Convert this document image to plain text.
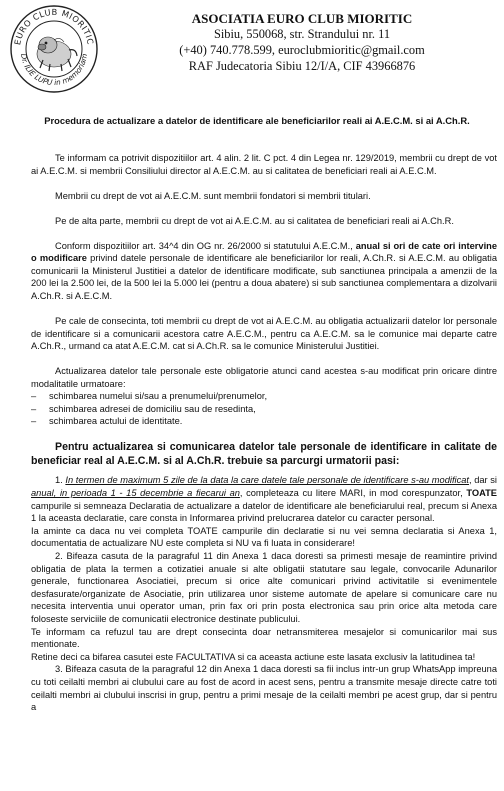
EURO CLUB MIORITIC
Dr. ILIE LUPU in memoriam
ASOCIATIA EURO CLUB MIORITIC
Sibiu, 550068, str. Strandului nr. 11
(+40) 740.778.599, euroclubmioritic@gmail.com
RAF Judecatoria Sibiu 12/I/A, CIF 43966876
Procedura de actualizare a datelor de identificare ale beneficiarilor reali ai A.E.C.M. si ai A.Ch.R.

Te informam ca potrivit dispozitiilor art. 4 alin. 2 lit. C pct. 4 din Legea nr. 129/2019, membrii cu drept de vot ai A.E.C.M. si membrii Consiliului director al A.E.C.M. au si calitatea de beneficiari reali ai A.E.C.M.

Membrii cu drept de vot ai A.E.C.M. sunt membrii fondatori si membrii titulari.

Pe de alta parte, membrii cu drept de vot ai A.E.C.M. au si calitatea de beneficiari reali ai A.Ch.R.

Conform dispozitiilor art. 34^4 din OG nr. 26/2000 si statutului A.E.C.M., anual si ori de cate ori intervine o modificare privind datele personale de identificare ale beneficiarilor lor reali, A.Ch.R. si A.E.C.M. au obligatia comunicarii la Ministerul Justitiei a datelor de identificare modificate, sub sanctiunea principala a amenzii de la 200 lei la 2.500 lei, de la 500 lei la 5.000 lei (pentru a doua abatere) si sub sanctiunea complementara a dizolvarii A.Ch.R. si A.E.C.M.

Pe cale de consecinta, toti membrii cu drept de vot ai A.E.C.M. au obligatia actualizarii datelor lor personale de identificare si a comunicarii acestora catre A.E.C.M., pentru ca A.E.C.M. sa le comunice mai departe catre A.Ch.R., urmand ca atat A.E.C.M. cat si A.Ch.R. sa le comunice Ministerului Justitiei.

Actualizarea datelor tale personale este obligatorie atunci cand acestea s-au modificat prin oricare dintre modalitatile urmatoare:

– schimbarea numelui si/sau a prenumelui/prenumelor,
– schimbarea adresei de domiciliu sau de resedinta,
– schimbarea actului de identitate.

Pentru actualizarea si comunicarea datelor tale personale de identificare in calitate de beneficiar real al A.E.C.M. si al A.Ch.R. trebuie sa parcurgi urmatorii pasi:

1. In termen de maximum 5 zile de la data la care datele tale personale de identificare s-au modificat, dar si anual, in perioada 1 - 15 decembrie a fiecarui an, completeaza cu litere MARI, in mod corespunzator, TOATE campurile si semneaza Declaratia de actualizare a datelor de identificare ale beneficiarului real, precum si Anexa 1 la aceasta declaratie, care consta in Informarea privind prelucrarea datelor cu caracter personal.

Ia aminte ca daca nu vei completa TOATE campurile din declaratie si nu vei semna declaratia si Anexa 1, documentatia de actualizare NU este completa si NU va fi luata in considerare!

2. Bifeaza casuta de la paragraful 11 din Anexa 1 daca doresti sa primesti mesaje de reamintire privind obligatia de plata la termen a cotizatiei anuale si alte obligatii statutare sau legale, convocarile Adunarilor generale, functionarea Asociatiei, precum si orice alte comunicari privind activitatile si evenimentele desfasurate/organizate de Asociatie, prin utilizarea unor sisteme automate de apelare si comunicare care nu necesita interventia unui operator uman, prin fax ori prin posta electronica sau prin orice alta metoda care foloseste serviciile de comunicatii electronice destinate publicului.

Te informam ca refuzul tau are drept consecinta doar netransmiterea mesajelor si comunicarilor mai sus mentionate.

Retine deci ca bifarea casutei este FACULTATIVA si ca aceasta actiune este lasata exclusiv la latitudinea ta!

3. Bifeaza casuta de la paragraful 12 din Anexa 1 daca doresti sa fii inclus intr-un grup WhatsApp impreuna cu toti ceilalti membri ai clubului care au fost de acord in acest sens, pentru a transmite mesaje directe catre toti ceilalti membri ai clubului inscrisi in grup, pentru a primi mesaje de la ceilalti membri pe acest grup, dar si pentru a
